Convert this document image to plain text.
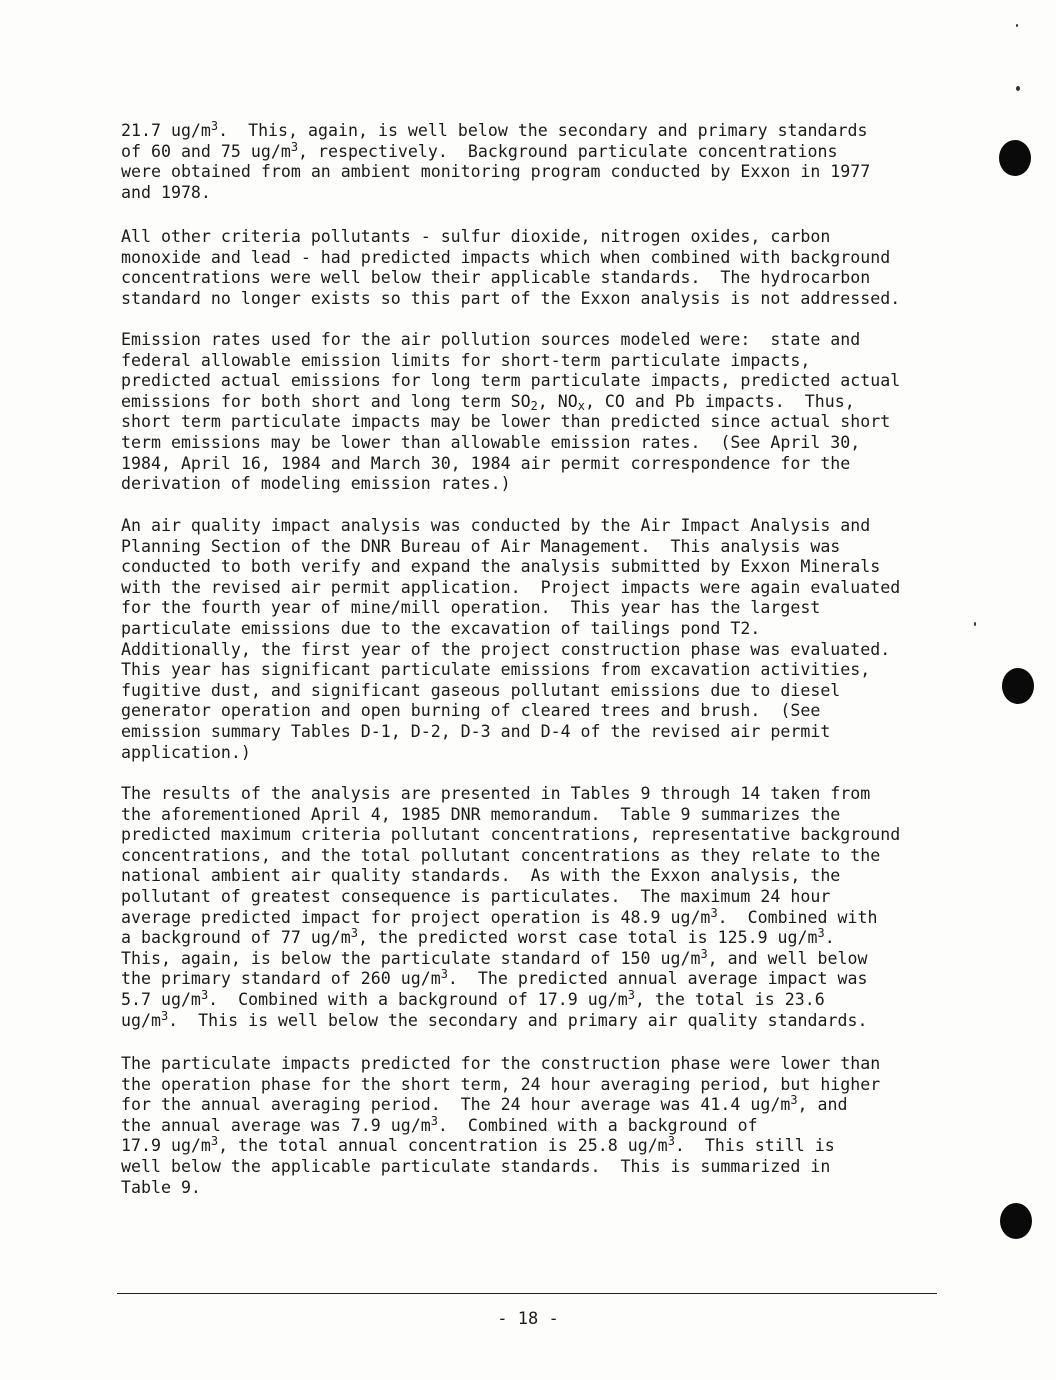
21.7 $ug/m^3$.  This, again, is well below the secondary and primary standards
of 60 and 75 $ug/m^3$, respectively.  Background particulate concentrations
were obtained from an ambient monitoring program conducted by Exxon in 1977
and 1978.
All other criteria pollutants - sulfur dioxide, nitrogen oxides, carbon
monoxide and lead - had predicted impacts which when combined with background
concentrations were well below their applicable standards.  The hydrocarbon
standard no longer exists so this part of the Exxon analysis is not addressed.
Emission rates used for the air pollution sources modeled were:  state and
federal allowable emission limits for short-term particulate impacts,
predicted actual emissions for long term particulate impacts, predicted actual
emissions for both short and long term $SO_2$, $NO_x$, CO and Pb impacts.  Thus,
short term particulate impacts may be lower than predicted since actual short
term emissions may be lower than allowable emission rates.  (See April 30,
1984, April 16, 1984 and March 30, 1984 air permit correspondence for the
derivation of modeling emission rates.)
An air quality impact analysis was conducted by the Air Impact Analysis and
Planning Section of the DNR Bureau of Air Management.  This analysis was
conducted to both verify and expand the analysis submitted by Exxon Minerals
with the revised air permit application.  Project impacts were again evaluated
for the fourth year of mine/mill operation.  This year has the largest
particulate emissions due to the excavation of tailings pond T2.
Additionally, the first year of the project construction phase was evaluated.
This year has significant particulate emissions from excavation activities,
fugitive dust, and significant gaseous pollutant emissions due to diesel
generator operation and open burning of cleared trees and brush.  (See
emission summary Tables D-1, D-2, D-3 and D-4 of the revised air permit
application.)
The results of the analysis are presented in Tables 9 through 14 taken from
the aforementioned April 4, 1985 DNR memorandum.  Table 9 summarizes the
predicted maximum criteria pollutant concentrations, representative background
concentrations, and the total pollutant concentrations as they relate to the
national ambient air quality standards.  As with the Exxon analysis, the
pollutant of greatest consequence is particulates.  The maximum 24 hour
average predicted impact for project operation is 48.9 $ug/m^3$.  Combined with
a background of 77 $ug/m^3$, the predicted worst case total is 125.9 $ug/m^3$.
This, again, is below the particulate standard of 150 $ug/m^3$, and well below
the primary standard of 260 $ug/m^3$.  The predicted annual average impact was
5.7 $ug/m^3$.  Combined with a background of 17.9 $ug/m^3$, the total is 23.6
$ug/m^3$.  This is well below the secondary and primary air quality standards.
The particulate impacts predicted for the construction phase were lower than
the operation phase for the short term, 24 hour averaging period, but higher
for the annual averaging period.  The 24 hour average was 41.4 $ug/m^3$, and
the annual average was 7.9 $ug/m^3$.  Combined with a background of
17.9 $ug/m^3$, the total annual concentration is 25.8 $ug/m^3$.  This still is
well below the applicable particulate standards.  This is summarized in
Table 9.
- 18 -
